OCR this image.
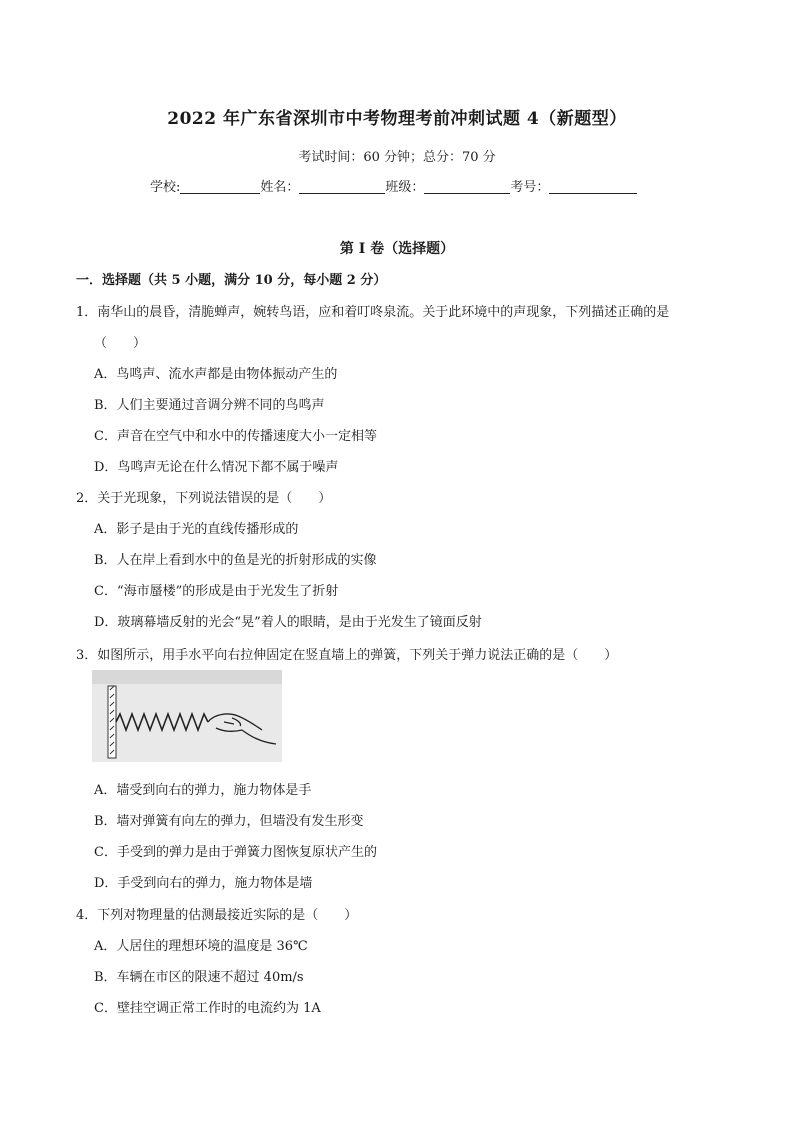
2022 年广东省深圳市中考物理考前冲刺试题 4（新题型）
考试时间：60 分钟；总分：70 分
学校:	姓名：	班级：	考号：
第 I 卷（选择题）
一．选择题（共 5 小题，满分 10 分，每小题 2 分）
1．南华山的晨昏，清脆蝉声，婉转鸟语，应和着叮咚泉流。关于此环境中的声现象，下列描述正确的是
（　　）
A．鸟鸣声、流水声都是由物体振动产生的
B．人们主要通过音调分辨不同的鸟鸣声
C．声音在空气中和水中的传播速度大小一定相等
D．鸟鸣声无论在什么情况下都不属于噪声
2．关于光现象，下列说法错误的是（　　）
A．影子是由于光的直线传播形成的
B．人在岸上看到水中的鱼是光的折射形成的实像
C．“海市蜃楼”的形成是由于光发生了折射
D．玻璃幕墙反射的光会“晃”着人的眼睛，是由于光发生了镜面反射
3．如图所示，用手水平向右拉伸固定在竖直墙上的弹簧，下列关于弹力说法正确的是（　　）
A．墙受到向右的弹力，施力物体是手
B．墙对弹簧有向左的弹力，但墙没有发生形变
C．手受到的弹力是由于弹簧力图恢复原状产生的
D．手受到向右的弹力，施力物体是墙
4．下列对物理量的估测最接近实际的是（　　）
A．人居住的理想环境的温度是 36℃
B．车辆在市区的限速不超过 40m/s
C．壁挂空调正常工作时的电流约为 1A
